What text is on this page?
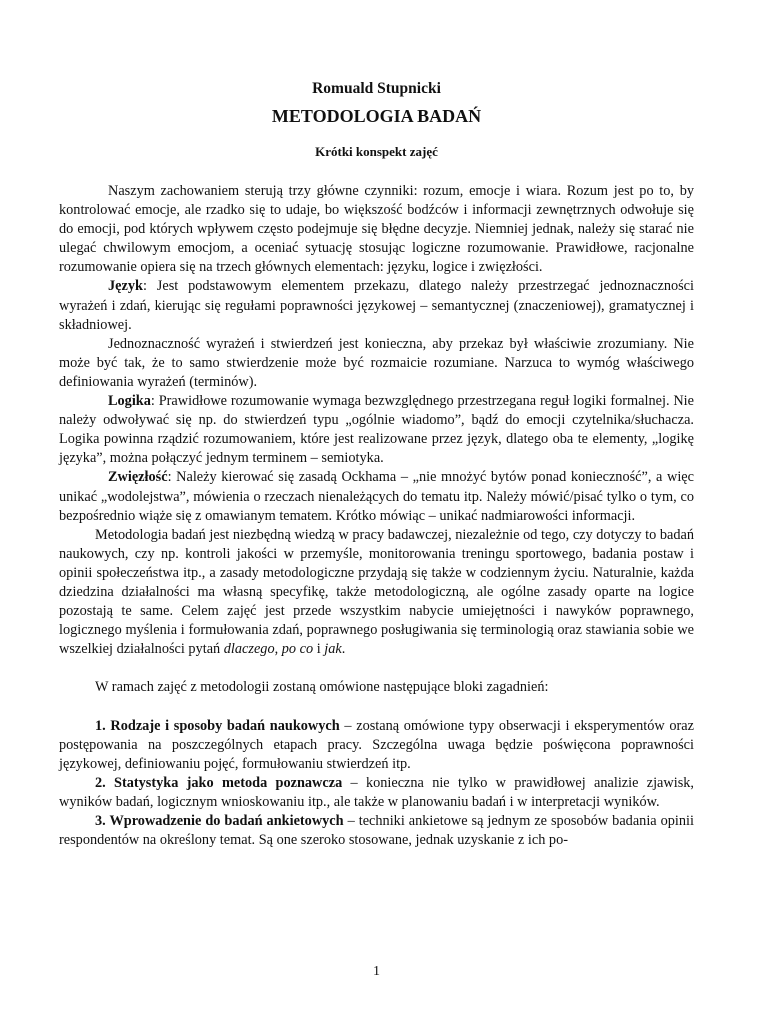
Romuald Stupnicki
METODOLOGIA BADAŃ
Krótki konspekt zajęć

Naszym zachowaniem sterują trzy główne czynniki: rozum, emocje i wiara. Rozum jest po to, by kontrolować emocje, ale rzadko się to udaje, bo większość bodźców i informacji zewnętrznych odwołuje się do emocji, pod których wpływem często podejmuje się błędne decyzje. Niemniej jednak, należy się starać nie ulegać chwilowym emocjom, a oceniać sytuację stosując logiczne rozumowanie. Prawidłowe, racjonalne rozumowanie opiera się na trzech głównych elementach: języku, logice i zwięzłości.

Język: Jest podstawowym elementem przekazu, dlatego należy przestrzegać jednoznaczności wyrażeń i zdań, kierując się regułami poprawności językowej – semantycznej (znaczeniowej), gramatycznej i składniowej.

Jednoznaczność wyrażeń i stwierdzeń jest konieczna, aby przekaz był właściwie zrozumiany. Nie może być tak, że to samo stwierdzenie może być rozmaicie rozumiane. Narzuca to wymóg właściwego definiowania wyrażeń (terminów).

Logika: Prawidłowe rozumowanie wymaga bezwzględnego przestrzegana reguł logiki formalnej. Nie należy odwoływać się np. do stwierdzeń typu „ogólnie wiadomo”, bądź do emocji czytelnika/słuchacza. Logika powinna rządzić rozumowaniem, które jest realizowane przez język, dlatego oba te elementy, „logikę języka”, można połączyć jednym terminem – semiotyka.

Zwięzłość: Należy kierować się zasadą Ockhama – „nie mnożyć bytów ponad konieczność”, a więc unikać „wodolejstwa”, mówienia o rzeczach nienależących do tematu itp. Należy mówić/pisać tylko o tym, co bezpośrednio wiąże się z omawianym tematem. Krótko mówiąc – unikać nadmiarowości informacji.

Metodologia badań jest niezbędną wiedzą w pracy badawczej, niezależnie od tego, czy dotyczy to badań naukowych, czy np. kontroli jakości w przemyśle, monitorowania treningu sportowego, badania postaw i opinii społeczeństwa itp., a zasady metodologiczne przydają się także w codziennym życiu. Naturalnie, każda dziedzina działalności ma własną specyfikę, także metodologiczną, ale ogólne zasady oparte na logice pozostają te same. Celem zajęć jest przede wszystkim nabycie umiejętności i nawyków poprawnego, logicznego myślenia i formułowania zdań, poprawnego posługiwania się terminologią oraz stawiania sobie we wszelkiej działalności pytań dlaczego, po co i jak.

W ramach zajęć z metodologii zostaną omówione następujące bloki zagadnień:

1. Rodzaje i sposoby badań naukowych – zostaną omówione typy obserwacji i eksperymentów oraz postępowania na poszczególnych etapach pracy. Szczególna uwaga będzie poświęcona poprawności językowej, definiowaniu pojęć, formułowaniu stwierdzeń itp.

2. Statystyka jako metoda poznawcza – konieczna nie tylko w prawidłowej analizie zjawisk, wyników badań, logicznym wnioskowaniu itp., ale także w planowaniu badań i w interpretacji wyników.

3. Wprowadzenie do badań ankietowych – techniki ankietowe są jednym ze sposobów badania opinii respondentów na określony temat. Są one szeroko stosowane, jednak uzyskanie z ich po-

1
